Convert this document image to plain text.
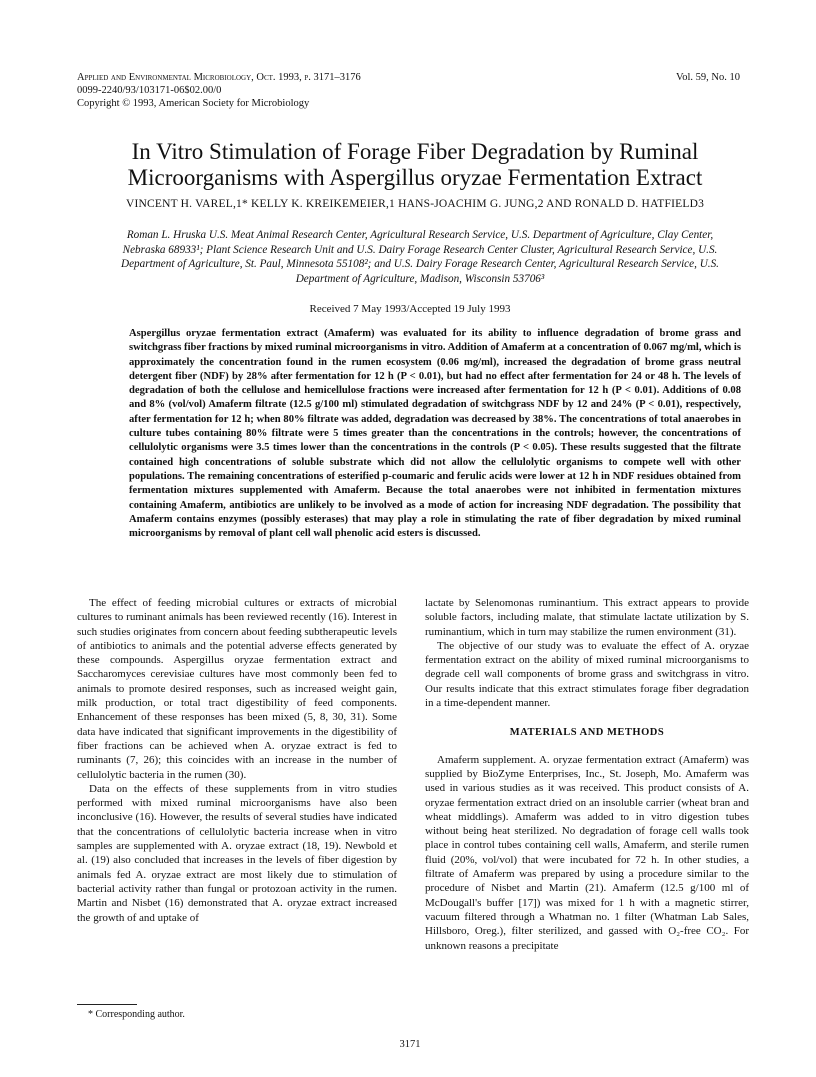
Applied and Environmental Microbiology, Oct. 1993, p. 3171–3176
0099-2240/93/103171-06$02.00/0
Copyright © 1993, American Society for Microbiology
Vol. 59, No. 10
In Vitro Stimulation of Forage Fiber Degradation by Ruminal Microorganisms with Aspergillus oryzae Fermentation Extract
VINCENT H. VAREL,1* KELLY K. KREIKEMEIER,1 HANS-JOACHIM G. JUNG,2 AND RONALD D. HATFIELD3
Roman L. Hruska U.S. Meat Animal Research Center, Agricultural Research Service, U.S. Department of Agriculture, Clay Center, Nebraska 68933¹; Plant Science Research Unit and U.S. Dairy Forage Research Center Cluster, Agricultural Research Service, U.S. Department of Agriculture, St. Paul, Minnesota 55108²; and U.S. Dairy Forage Research Center, Agricultural Research Service, U.S. Department of Agriculture, Madison, Wisconsin 53706³
Received 7 May 1993/Accepted 19 July 1993

Aspergillus oryzae fermentation extract (Amaferm) was evaluated for its ability to influence degradation of brome grass and switchgrass fiber fractions by mixed ruminal microorganisms in vitro. Addition of Amaferm at a concentration of 0.067 mg/ml, which is approximately the concentration found in the rumen ecosystem (0.06 mg/ml), increased the degradation of brome grass neutral detergent fiber (NDF) by 28% after fermentation for 12 h (P < 0.01), but had no effect after fermentation for 24 or 48 h. The levels of degradation of both the cellulose and hemicellulose fractions were increased after fermentation for 12 h (P < 0.01). Additions of 0.08 and 8% (vol/vol) Amaferm filtrate (12.5 g/100 ml) stimulated degradation of switchgrass NDF by 12 and 24% (P < 0.01), respectively, after fermentation for 12 h; when 80% filtrate was added, degradation was decreased by 38%. The concentrations of total anaerobes in culture tubes containing 80% filtrate were 5 times greater than the concentrations in the controls; however, the concentrations of cellulolytic organisms were 3.5 times lower than the concentrations in the controls (P < 0.05). These results suggested that the filtrate contained high concentrations of soluble substrate which did not allow the cellulolytic organisms to compete well with other populations. The remaining concentrations of esterified p-coumaric and ferulic acids were lower at 12 h in NDF residues obtained from fermentation mixtures supplemented with Amaferm. Because the total anaerobes were not inhibited in fermentation mixtures containing Amaferm, antibiotics are unlikely to be involved as a mode of action for increasing NDF degradation. The possibility that Amaferm contains enzymes (possibly esterases) that may play a role in stimulating the rate of fiber degradation by mixed ruminal microorganisms by removal of plant cell wall phenolic acid esters is discussed.

The effect of feeding microbial cultures or extracts of microbial cultures to ruminant animals has been reviewed recently (16). Interest in such studies originates from concern about feeding subtherapeutic levels of antibiotics to animals and the potential adverse effects generated by these compounds. Aspergillus oryzae fermentation extract and Saccharomyces cerevisiae cultures have most commonly been fed to animals to promote desired responses, such as increased weight gain, milk production, or total tract digestibility of feed components. Enhancement of these responses has been mixed (5, 8, 30, 31). Some data have indicated that significant improvements in the digestibility of fiber fractions can be achieved when A. oryzae extract is fed to ruminants (7, 26); this coincides with an increase in the number of cellulolytic bacteria in the rumen (30).

Data on the effects of these supplements from in vitro studies performed with mixed ruminal microorganisms have also been inconclusive (16). However, the results of several studies have indicated that the concentrations of cellulolytic bacteria increase when in vitro samples are supplemented with A. oryzae extract (18, 19). Newbold et al. (19) also concluded that increases in the levels of fiber digestion by animals fed A. oryzae extract are most likely due to stimulation of bacterial activity rather than fungal or protozoan activity in the rumen. Martin and Nisbet (16) demonstrated that A. oryzae extract increased the growth of and uptake of

lactate by Selenomonas ruminantium. This extract appears to provide soluble factors, including malate, that stimulate lactate utilization by S. ruminantium, which in turn may stabilize the rumen environment (31).

The objective of our study was to evaluate the effect of A. oryzae fermentation extract on the ability of mixed ruminal microorganisms to degrade cell wall components of brome grass and switchgrass in vitro. Our results indicate that this extract stimulates forage fiber degradation in a time-dependent manner.

MATERIALS AND METHODS

Amaferm supplement. A. oryzae fermentation extract (Amaferm) was supplied by BioZyme Enterprises, Inc., St. Joseph, Mo. Amaferm was used in various studies as it was received. This product consists of A. oryzae fermentation extract dried on an insoluble carrier (wheat bran and wheat middlings). Amaferm was added to in vitro digestion tubes without being heat sterilized. No degradation of forage cell walls took place in control tubes containing cell walls, Amaferm, and sterile rumen fluid (20%, vol/vol) that were incubated for 72 h. In other studies, a filtrate of Amaferm was prepared by using a procedure similar to the procedure of Nisbet and Martin (21). Amaferm (12.5 g/100 ml of McDougall's buffer [17]) was mixed for 1 h with a magnetic stirrer, vacuum filtered through a Whatman no. 1 filter (Whatman Lab Sales, Hillsboro, Oreg.), filter sterilized, and gassed with O₂-free CO₂. For unknown reasons a precipitate

* Corresponding author.
3171
